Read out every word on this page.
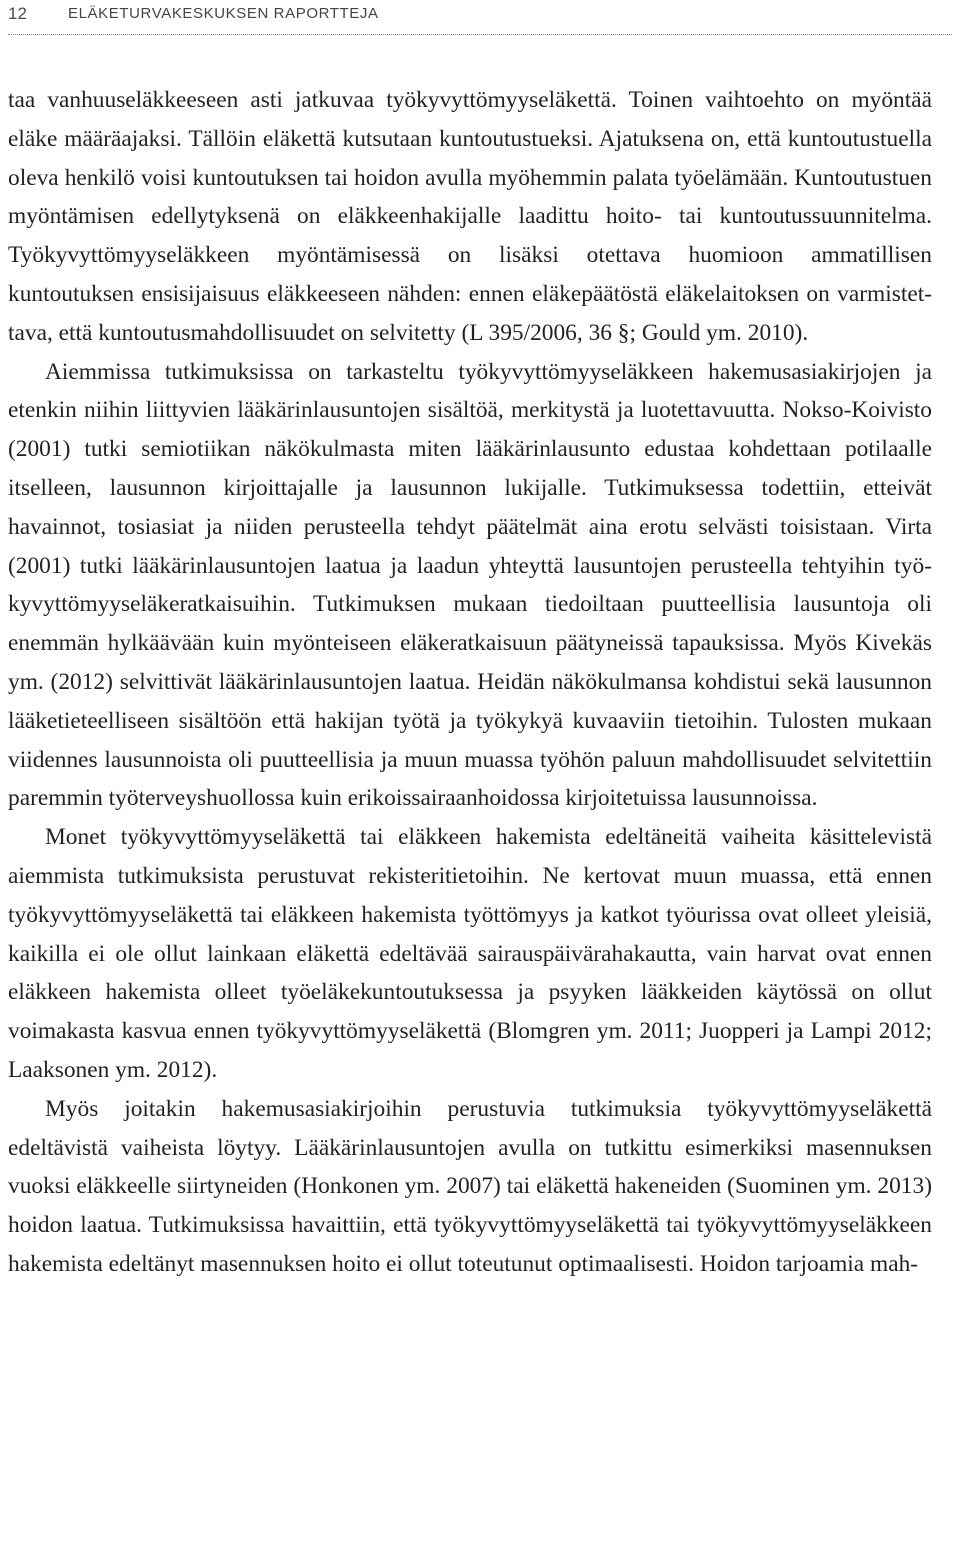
12	ELÄKETURVAKESKUKSEN RAPORTTEJA

taa vanhuuseläkkeeseen asti jatkuvaa työkyvyttömyyseläkettä. Toinen vaihtoehto on myöntää eläke määräajaksi. Tällöin eläkettä kutsutaan kuntoutustueksi. Ajatuksena on, että kuntoutustuella oleva henkilö voisi kuntoutuksen tai hoidon avulla myöhemmin palata työelämään. Kuntoutustuen myöntämisen edellytyksenä on eläkkeenhakijalle laadittu hoito- tai kuntoutussuunnitelma. Työkyvyttömyyseläkkeen myöntämisessä on lisäksi otettava huomioon ammatillisen kuntoutuksen ensisijaisuus eläkkeeseen nähden: ennen eläkepäätöstä eläkelaitoksen on varmistettava, että kuntoutusmahdollisuudet on selvitetty (L 395/2006, 36 §; Gould ym. 2010).

Aiemmissa tutkimuksissa on tarkasteltu työkyvyttömyyseläkkeen hakemusasiakirjojen ja etenkin niihin liittyvien lääkärinlausuntojen sisältöä, merkitystä ja luotettavuutta. Nokso-Koivisto (2001) tutki semiotiikan näkökulmasta miten lääkärinlausunto edustaa kohdettaan potilaalle itselleen, lausunnon kirjoittajalle ja lausunnon lukijalle. Tutkimuksessa todettiin, etteivät havainnot, tosiasiat ja niiden perusteella tehdyt päätelmät aina erotu selvästi toisistaan. Virta (2001) tutki lääkärinlausuntojen laatua ja laadun yhteyttä lausuntojen perusteella tehtyihin työkyvyttömyyseläkeratkaisuihin. Tutkimuksen mukaan tiedoiltaan puutteellisia lausuntoja oli enemmän hylkäävään kuin myönteiseen eläkeratkaisuun päätyneissä tapauksissa. Myös Kivekäs ym. (2012) selvittivät lääkärinlausuntojen laatua. Heidän näkökulmansa kohdistui sekä lausunnon lääketieteelliseen sisältöön että hakijan työtä ja työkykyä kuvaaviin tietoihin. Tulosten mukaan viidennes lausunnoista oli puutteellisia ja muun muassa työhön paluun mahdollisuudet selvitettiin paremmin työterveyshuollossa kuin erikoissairaanhoidossa kirjoitetuissa lausunnoissa.

Monet työkyvyttömyyseläkettä tai eläkkeen hakemista edeltäneitä vaiheita käsittelevistä aiemmista tutkimuksista perustuvat rekisteritietoihin. Ne kertovat muun muassa, että ennen työkyvyttömyyseläkettä tai eläkkeen hakemista työttömyys ja katkot työurissa ovat olleet yleisiä, kaikilla ei ole ollut lainkaan eläkettä edeltävää sairauspäivärahakautta, vain harvat ovat ennen eläkkeen hakemista olleet työeläkekuntoutuksessa ja psyyken lääkkeiden käytössä on ollut voimakasta kasvua ennen työkyvyttömyyseläkettä (Blomgren ym. 2011; Juopperi ja Lampi 2012; Laaksonen ym. 2012).

Myös joitakin hakemusasiakirjoihin perustuvia tutkimuksia työkyvyttömyyseläkettä edeltävistä vaiheista löytyy. Lääkärinlausuntojen avulla on tutkittu esimerkiksi masennuksen vuoksi eläkkeelle siirtyneiden (Honkonen ym. 2007) tai eläkettä hakeneiden (Suominen ym. 2013) hoidon laatua. Tutkimuksissa havaittiin, että työkyvyttömyyseläkettä tai työkyvyttömyyseläkkeen hakemista edeltänyt masennuksen hoito ei ollut toteutunut optimaalisesti. Hoidon tarjoamia mah-
